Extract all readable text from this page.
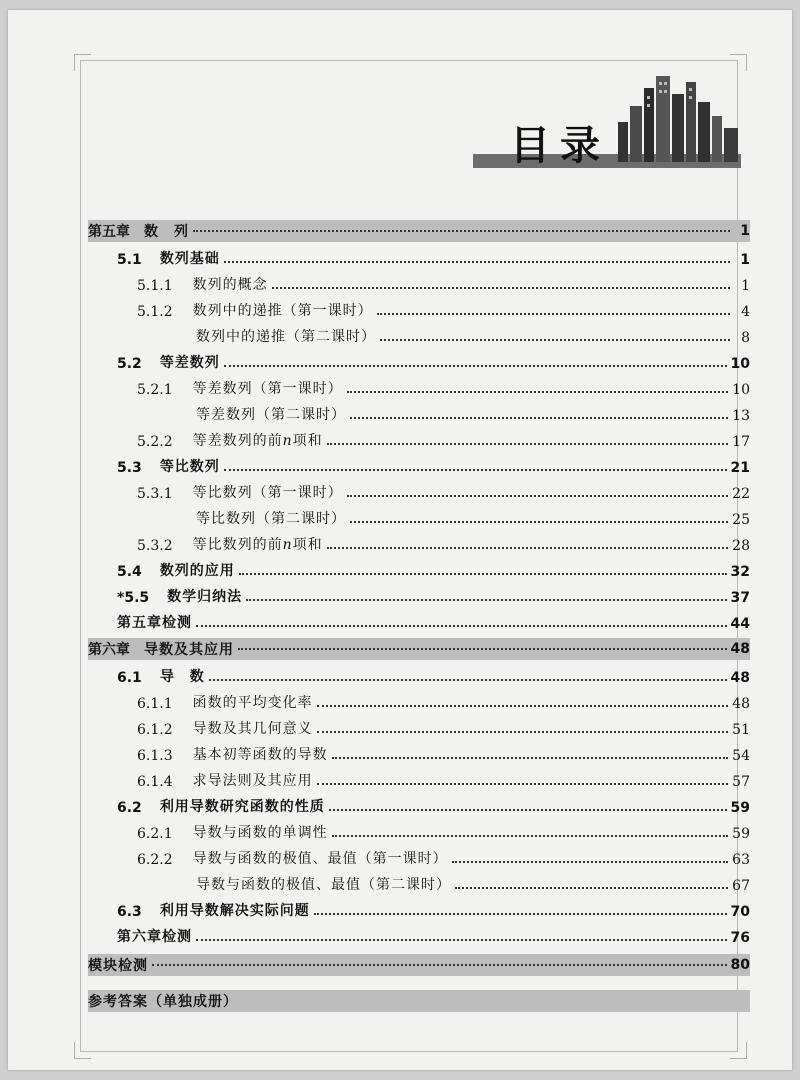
目录
第五章 数　列	1
5.1 数列基础	1
5.1.1 数列的概念	1
5.1.2 数列中的递推（第一课时）	4
数列中的递推（第二课时）	8
5.2 等差数列	10
5.2.1 等差数列（第一课时）	10
等差数列（第二课时）	13
5.2.2 等差数列的前n项和	17
5.3 等比数列	21
5.3.1 等比数列（第一课时）	22
等比数列（第二课时）	25
5.3.2 等比数列的前n项和	28
5.4 数列的应用	32
*5.5 数学归纳法	37
第五章检测	44
第六章 导数及其应用	48
6.1 导　数	48
6.1.1 函数的平均变化率	48
6.1.2 导数及其几何意义	51
6.1.3 基本初等函数的导数	54
6.1.4 求导法则及其应用	57
6.2 利用导数研究函数的性质	59
6.2.1 导数与函数的单调性	59
6.2.2 导数与函数的极值、最值（第一课时）	63
导数与函数的极值、最值（第二课时）	67
6.3 利用导数解决实际问题	70
第六章检测	76
模块检测	80
参考答案（单独成册）
